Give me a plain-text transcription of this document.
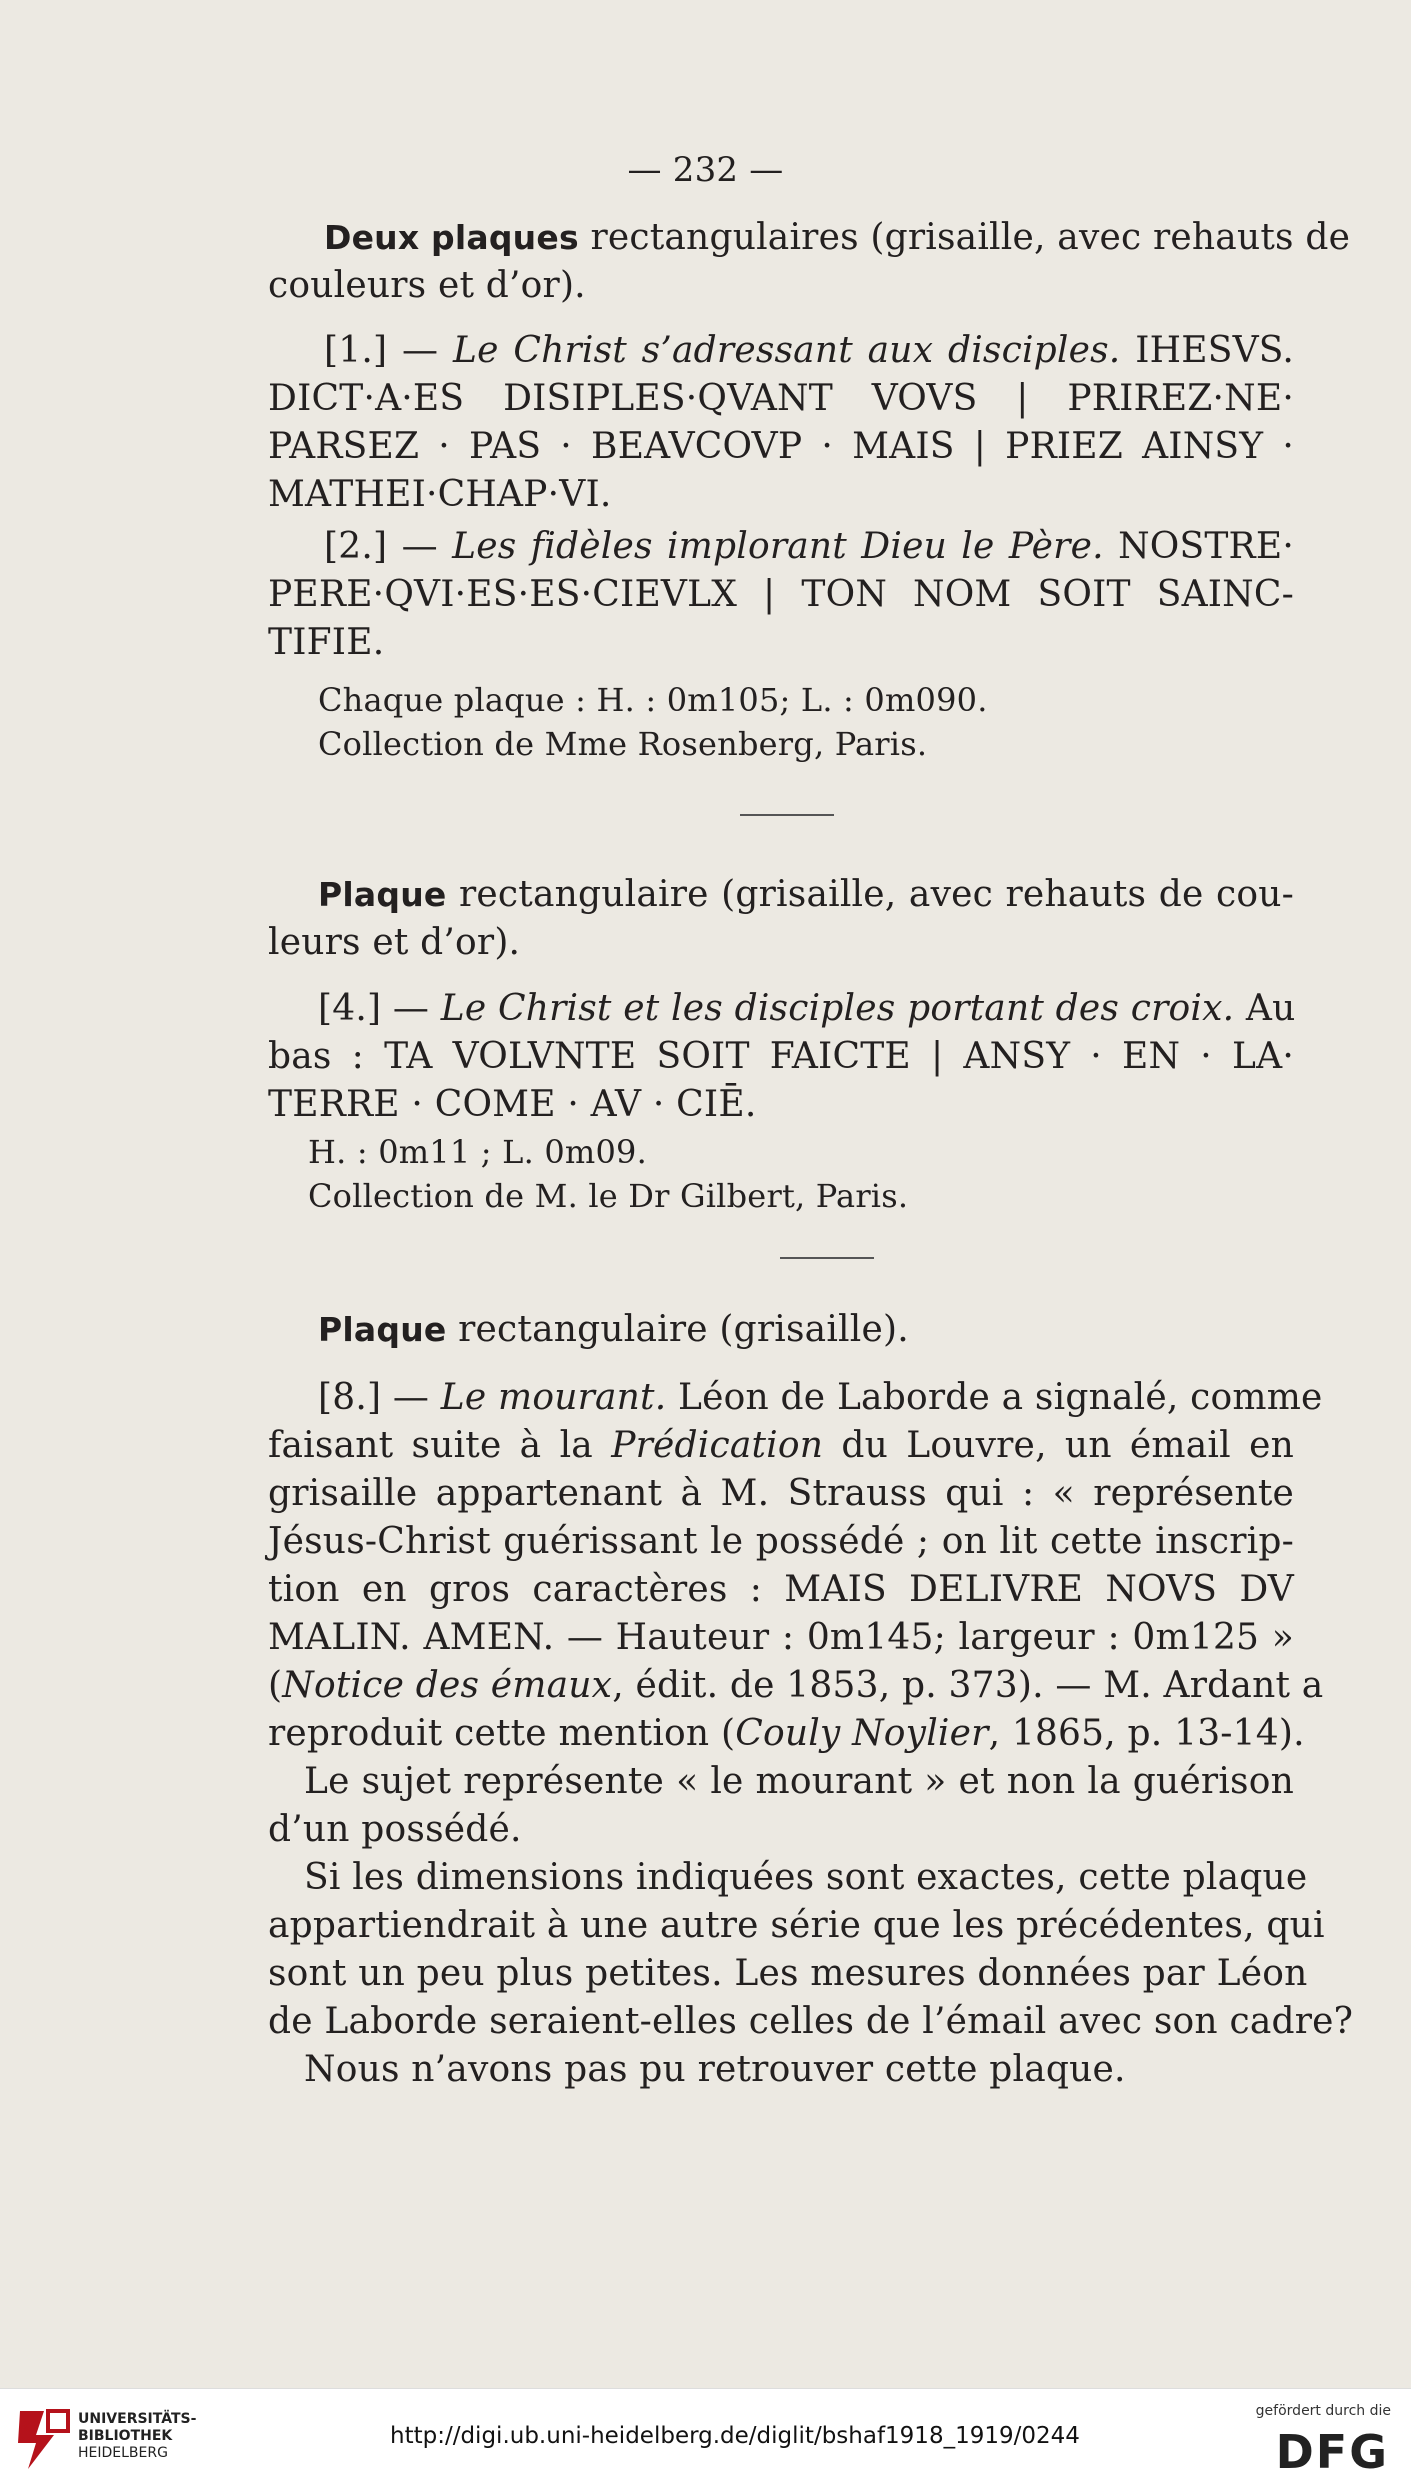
— 232 —
Deux plaques rectangulaires (grisaille, avec rehauts de
couleurs et d’or).
[1.] — Le Christ s’adressant aux disciples. IHESVS.
DICT·A·ES DISIPLES·QVANT VOVS | PRIREZ·NE·
PARSEZ · PAS · BEAVCOVP · MAIS | PRIEZ AINSY ·
MATHEI·CHAP·VI.
[2.] — Les fidèles implorant Dieu le Père. NOSTRE·
PERE·QVI·ES·ES·CIEVLX | TON NOM SOIT SAINC-
TIFIE.
Chaque plaque : H. : 0m105; L. : 0m090.
Collection de Mme Rosenberg, Paris.
Plaque rectangulaire (grisaille, avec rehauts de cou-
leurs et d’or).
[4.] — Le Christ et les disciples portant des croix. Au
bas : TA VOLVNTE SOIT FAICTE | ANSY · EN · LA·
TERRE · COME · AV · CIĒ.
H. : 0m11 ; L. 0m09.
Collection de M. le Dr Gilbert, Paris.
Plaque rectangulaire (grisaille).
[8.] — Le mourant. Léon de Laborde a signalé, comme
faisant suite à la Prédication du Louvre, un émail en
grisaille appartenant à M. Strauss qui : « représente
Jésus-Christ guérissant le possédé ; on lit cette inscrip-
tion en gros caractères : MAIS DELIVRE NOVS DV
MALIN. AMEN. — Hauteur : 0m145; largeur : 0m125 »
(Notice des émaux, édit. de 1853, p. 373). — M. Ardant a
reproduit cette mention (Couly Noylier, 1865, p. 13-14).
Le sujet représente « le mourant » et non la guérison
d’un possédé.
Si les dimensions indiquées sont exactes, cette plaque
appartiendrait à une autre série que les précédentes, qui
sont un peu plus petites. Les mesures données par Léon
de Laborde seraient-elles celles de l’émail avec son cadre?
Nous n’avons pas pu retrouver cette plaque.
UNIVERSITÄTS-
BIBLIOTHEK
HEIDELBERG
http://digi.ub.uni-heidelberg.de/diglit/bshaf1918_1919/0244
gefördert durch die
DFG
